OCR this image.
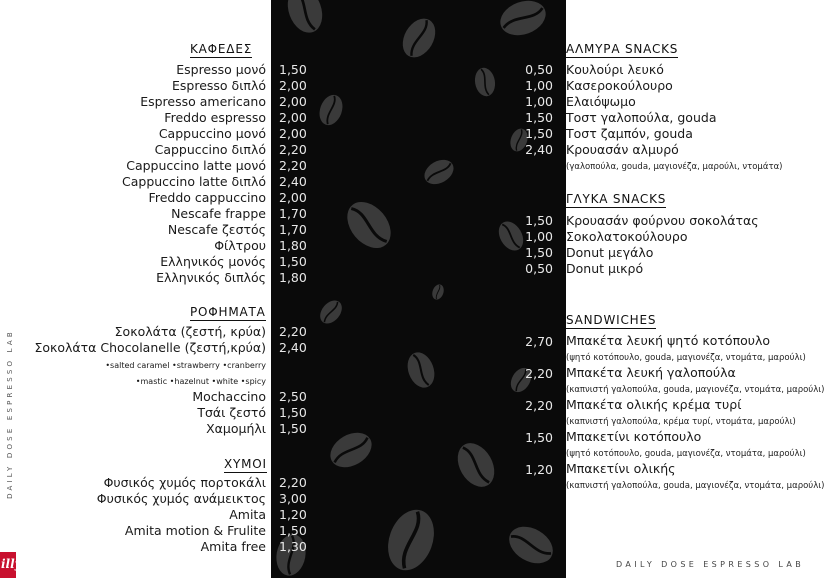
DAILY DOSE ESPRESSO LAB
illy	DAILY DOSE ESPRESSO LAB
ΚΑΦΕΔΕΣ
Espresso μονό 1,50
Espresso διπλό 2,00
Espresso americano 2,00
Freddo espresso 2,00
Cappuccino μονό 2,00
Cappuccino διπλό 2,20
Cappuccino latte μονό 2,20
Cappuccino latte διπλό 2,40
Freddo cappuccino 2,00
Nescafe frappe 1,70
Nescafe ζεστός 1,70
Φίλτρου 1,80
Ελληνικός μονός 1,50
Ελληνικός διπλός 1,80
ΡΟΦΗΜΑΤΑ
Σοκολάτα (ζεστή, κρύα) 2,20
Σοκολάτα Chocolanelle (ζεστή,κρύα) 2,40
•salted caramel •strawberry •cranberry
•mastic •hazelnut •white •spicy
Mochaccino 2,50
Τσάι ζεστό 1,50
Χαμομήλι 1,50
ΧΥΜΟΙ
Φυσικός χυμός πορτοκάλι 2,20
Φυσικός χυμός ανάμεικτος 3,00
Amita 1,20
Amita motion & Frulite 1,50
Amita free 1,30
ΑΛΜΥΡΑ SNACKS
0,50 Κουλούρι λευκό
1,00 Κασεροκούλουρο
1,00 Ελαιόψωμο
1,50 Τοστ γαλοπούλα, gouda
1,50 Τοστ ζαμπόν, gouda
2,40 Κρουασάν αλμυρό
(γαλοπούλα, gouda, μαγιονέζα, μαρούλι, ντομάτα)
ΓΛΥΚΑ SNACKS
1,50 Κρουασάν φούρνου σοκολάτας
1,00 Σοκολατοκούλουρο
1,50 Donut μεγάλο
0,50 Donut μικρό
SANDWICHES
2,70 Μπακέτα λευκή ψητό κοτόπουλο
(ψητό κοτόπουλο, gouda, μαγιονέζα, ντομάτα, μαρούλι)
2,20 Μπακέτα λευκή γαλοπούλα
(καπνιστή γαλοπούλα, gouda, μαγιονέζα, ντομάτα, μαρούλι)
2,20 Μπακέτα ολικής κρέμα τυρί
(καπνιστή γαλοπούλα, κρέμα τυρί, ντομάτα, μαρούλι)
1,50 Μπακετίνι κοτόπουλο
(ψητό κοτόπουλο, gouda, μαγιονέζα, ντομάτα, μαρούλι)
1,20 Μπακετίνι ολικής
(καπνιστή γαλοπούλα, gouda, μαγιονέζα, ντομάτα, μαρούλι)
